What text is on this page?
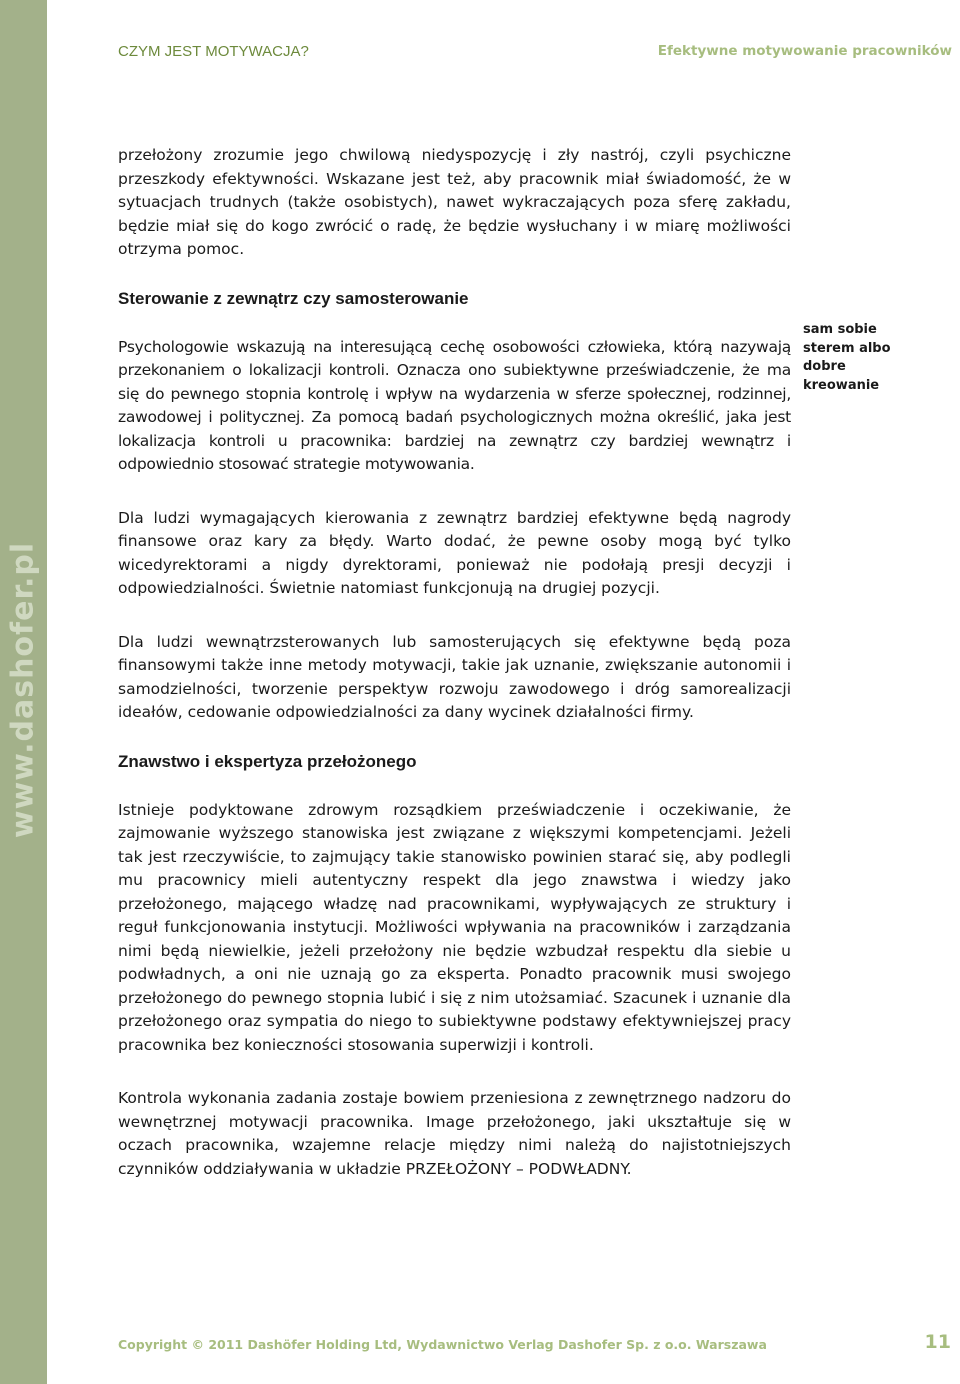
www.dashofer.pl
CZYM JEST MOTYWACJA?	Efektywne motywowanie pracowników

przełożony zrozumie jego chwilową niedyspozycję i zły nastrój, czyli psychiczne przeszkody efektywności. Wskazane jest też, aby pracownik miał świadomość, że w sytuacjach trudnych (także osobistych), nawet wykraczających poza sferę zakładu, będzie miał się do kogo zwrócić o radę, że będzie wysłuchany i w miarę możliwości otrzyma pomoc.

Sterowanie z zewnątrz czy samosterowanie

Psychologowie wskazują na interesującą cechę osobowości człowieka, którą nazywają przekonaniem o lokalizacji kontroli. Oznacza ono subiektywne przeświadczenie, że ma się do pewnego stopnia kontrolę i wpływ na wydarzenia w sferze społecznej, rodzinnej, zawodowej i politycznej. Za pomocą badań psychologicznych można określić, jaka jest lokalizacja kontroli u pracownika: bardziej na zewnątrz czy bardziej wewnątrz i odpowiednio stosować strategie motywowania.

Dla ludzi wymagających kierowania z zewnątrz bardziej efektywne będą nagrody finansowe oraz kary za błędy. Warto dodać, że pewne osoby mogą być tylko wicedyrektorami a nigdy dyrektorami, ponieważ nie podołają presji decyzji i odpowiedzialności. Świetnie natomiast funkcjonują na drugiej pozycji.

Dla ludzi wewnątrzsterowanych lub samosterujących się efektywne będą poza finansowymi także inne metody motywacji, takie jak uznanie, zwiększanie autonomii i samodzielności, tworzenie perspektyw rozwoju zawodowego i dróg samorealizacji ideałów, cedowanie odpowiedzialności za dany wycinek działalności firmy.

Znawstwo i ekspertyza przełożonego

Istnieje podyktowane zdrowym rozsądkiem przeświadczenie i oczekiwanie, że zajmowanie wyższego stanowiska jest związane z większymi kompetencjami. Jeżeli tak jest rzeczywiście, to zajmujący takie stanowisko powinien starać się, aby podlegli mu pracownicy mieli autentyczny respekt dla jego znawstwa i wiedzy jako przełożonego, mającego władzę nad pracownikami, wypływających ze struktury i reguł funkcjonowania instytucji. Możliwości wpływania na pracowników i zarządzania nimi będą niewielkie, jeżeli przełożony nie będzie wzbudzał respektu dla siebie u podwładnych, a oni nie uznają go za eksperta. Ponadto pracownik musi swojego przełożonego do pewnego stopnia lubić i się z nim utożsamiać. Szacunek i uznanie dla przełożonego oraz sympatia do niego to subiektywne podstawy efektywniejszej pracy pracownika bez konieczności stosowania superwizji i kontroli.

Kontrola wykonania zadania zostaje bowiem przeniesiona z zewnętrznego nadzoru do wewnętrznej motywacji pracownika. Image przełożonego, jaki ukształtuje się w oczach pracownika, wzajemne relacje między nimi należą do najistotniejszych czynników oddziaływania w układzie PRZEŁOŻONY – PODWŁADNY.

sam sobie sterem albo dobre kreowanie
Copyright © 2011 Dashöfer Holding Ltd, Wydawnictwo Verlag Dashofer Sp. z o.o. Warszawa	11
